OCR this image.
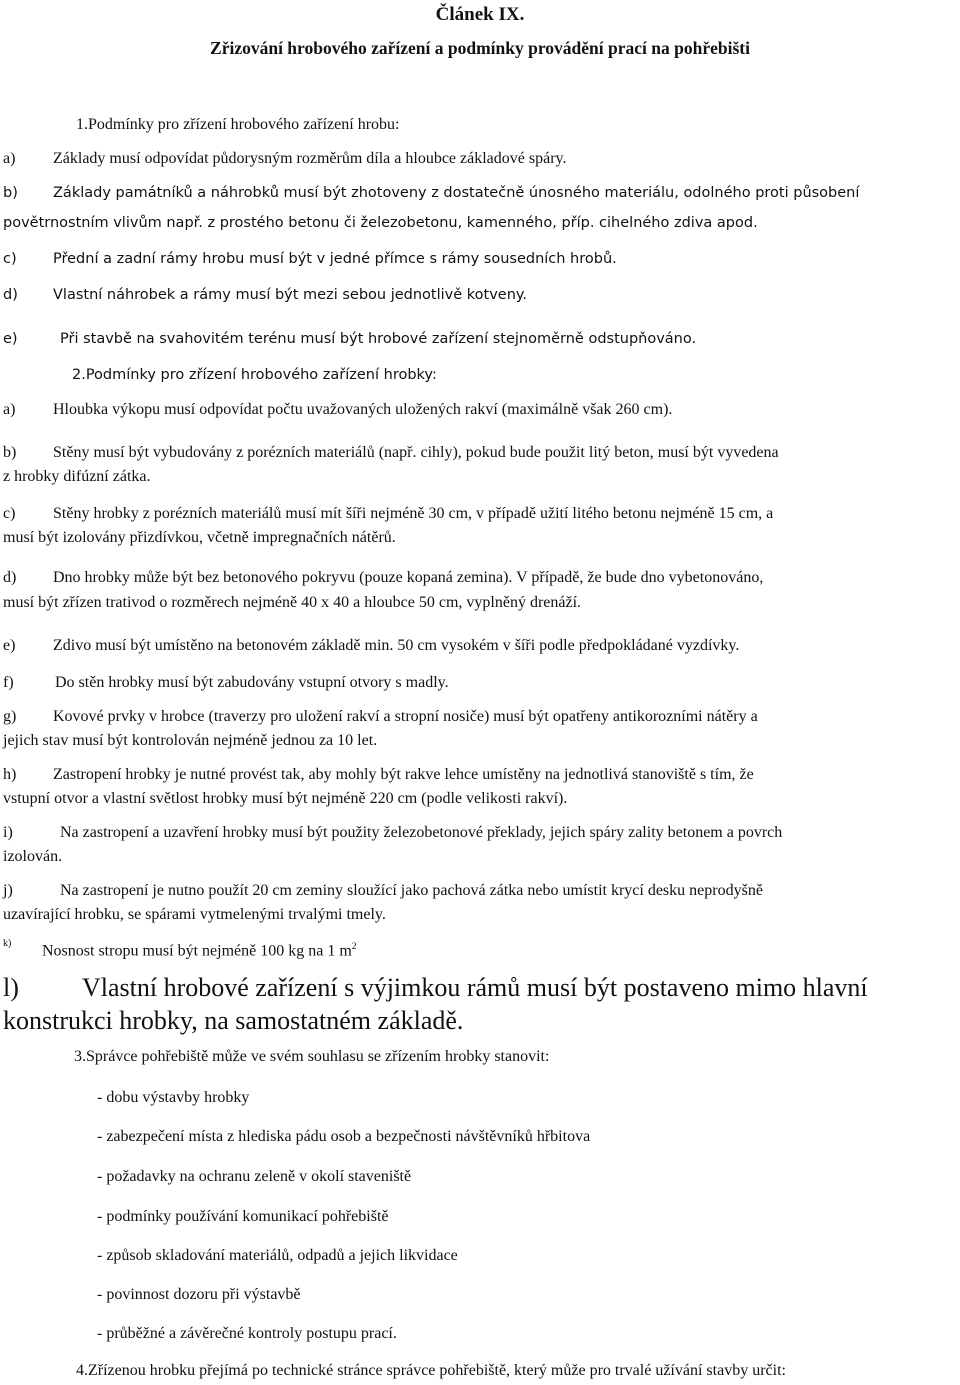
Článek IX.
Zřizování hrobového zařízení a podmínky provádění prací na pohřebišti
1.Podmínky pro zřízení hrobového zařízení hrobu:
a) Základy musí odpovídat půdorysným rozměrům díla a hloubce základové spáry.
b) Základy památníků a náhrobků musí být zhotoveny z dostatečně únosného materiálu, odolného proti působení
povětrnostním vlivům např. z prostého betonu či železobetonu, kamenného, příp. cihelného zdiva apod.
c)	Přední a zadní rámy hrobu musí být v jedné přímce s rámy sousedních hrobů.
d) Vlastní náhrobek a rámy musí být mezi sebou jednotlivě kotveny.
e)	Při stavbě na svahovitém terénu musí být hrobové zařízení stejnoměrně odstupňováno.
2.Podmínky pro zřízení hrobového zařízení hrobky:
a) Hloubka výkopu musí odpovídat počtu uvažovaných uložených rakví (maximálně však 260 cm).
b) Stěny musí být vybudovány z porézních materiálů (např. cihly), pokud bude použit litý beton, musí být vyvedena
z hrobky difúzní zátka.
c) Stěny hrobky z porézních materiálů musí mít šíři nejméně 30 cm, v případě užití litého betonu nejméně 15 cm, a
musí být izolovány přizdívkou, včetně impregnačních nátěrů.
d) Dno hrobky může být bez betonového pokryvu (pouze kopaná zemina). V případě, že bude dno vybetonováno,
musí být zřízen trativod o rozměrech nejméně 40 x 40 a hloubce 50 cm, vyplněný drenáží.
e) Zdivo musí být umístěno na betonovém základě min. 50 cm vysokém v šíři podle předpokládané vyzdívky.
f)	Do stěn hrobky musí být zabudovány vstupní otvory s madly.
g) Kovové prvky v hrobce (traverzy pro uložení rakví a stropní nosiče) musí být opatřeny antikorozními nátěry a
jejich stav musí být kontrolován nejméně jednou za 10 let.
h) Zastropení hrobky je nutné provést tak, aby mohly být rakve lehce umístěny na jednotlivá stanoviště s tím, že
vstupní otvor a vlastní světlost hrobky musí být nejméně 220 cm (podle velikosti rakví).
i)	Na zastropení a uzavření hrobky musí být použity železobetonové překlady, jejich spáry zality betonem a povrch
izolován.
j)	Na zastropení je nutno použít 20 cm zeminy sloužící jako pachová zátka nebo umístit krycí desku neprodyšně
uzavírající hrobku, se spárami vytmelenými trvalými tmely.
k) Nosnost stropu musí být nejméně 100 kg na 1 $m^2$
l) Vlastní hrobové zařízení s výjimkou rámů musí být postaveno mimo hlavní
konstrukci hrobky, na samostatném základě.
3.Správce pohřebiště může ve svém souhlasu se zřízením hrobky stanovit:
- dobu výstavby hrobky
- zabezpečení místa z hlediska pádu osob a bezpečnosti návštěvníků hřbitova
- požadavky na ochranu zeleně v okolí staveniště
- podmínky používání komunikací pohřebiště
- způsob skladování materiálů, odpadů a jejich likvidace
- povinnost dozoru při výstavbě
- průběžné a závěrečné kontroly postupu prací.
4.Zřízenou hrobku přejímá po technické stránce správce pohřebiště, který může pro trvalé užívání stavby určit:
